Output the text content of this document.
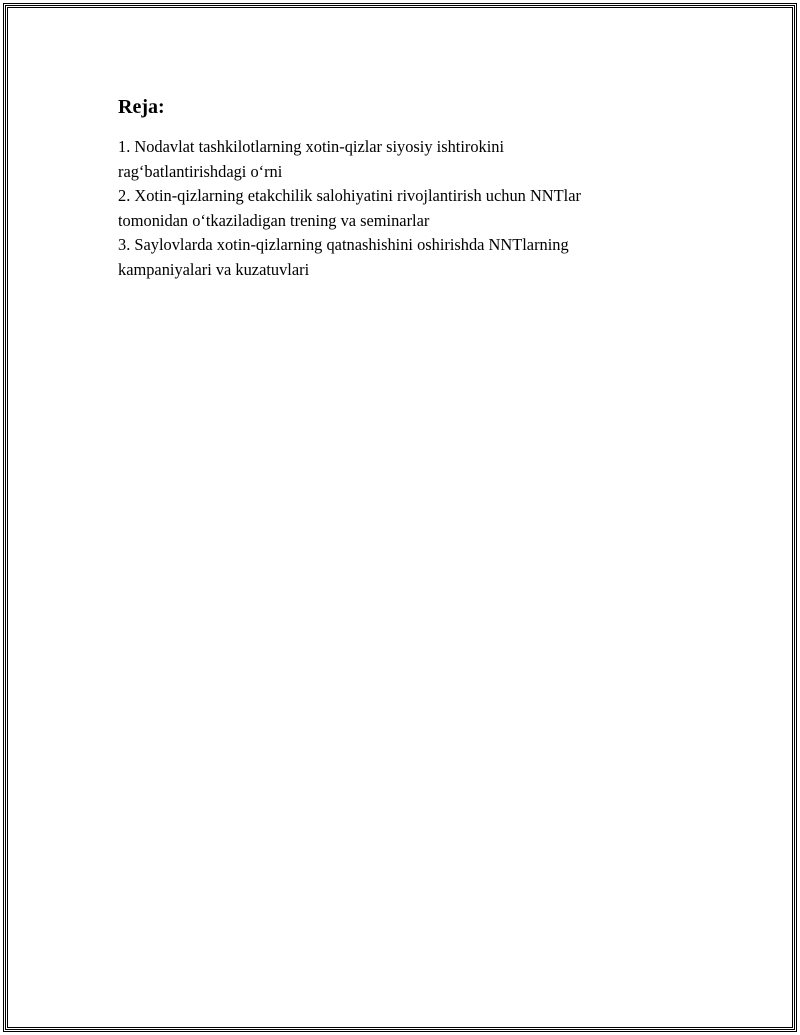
Reja:
1. Nodavlat tashkilotlarning xotin-qizlar siyosiy ishtirokini
rag‘batlantirishdagi o‘rni
2. Xotin-qizlarning etakchilik salohiyatini rivojlantirish uchun NNTlar
tomonidan o‘tkaziladigan trening va seminarlar
3. Saylovlarda xotin-qizlarning qatnashishini oshirishda NNTlarning
kampaniyalari va kuzatuvlari
